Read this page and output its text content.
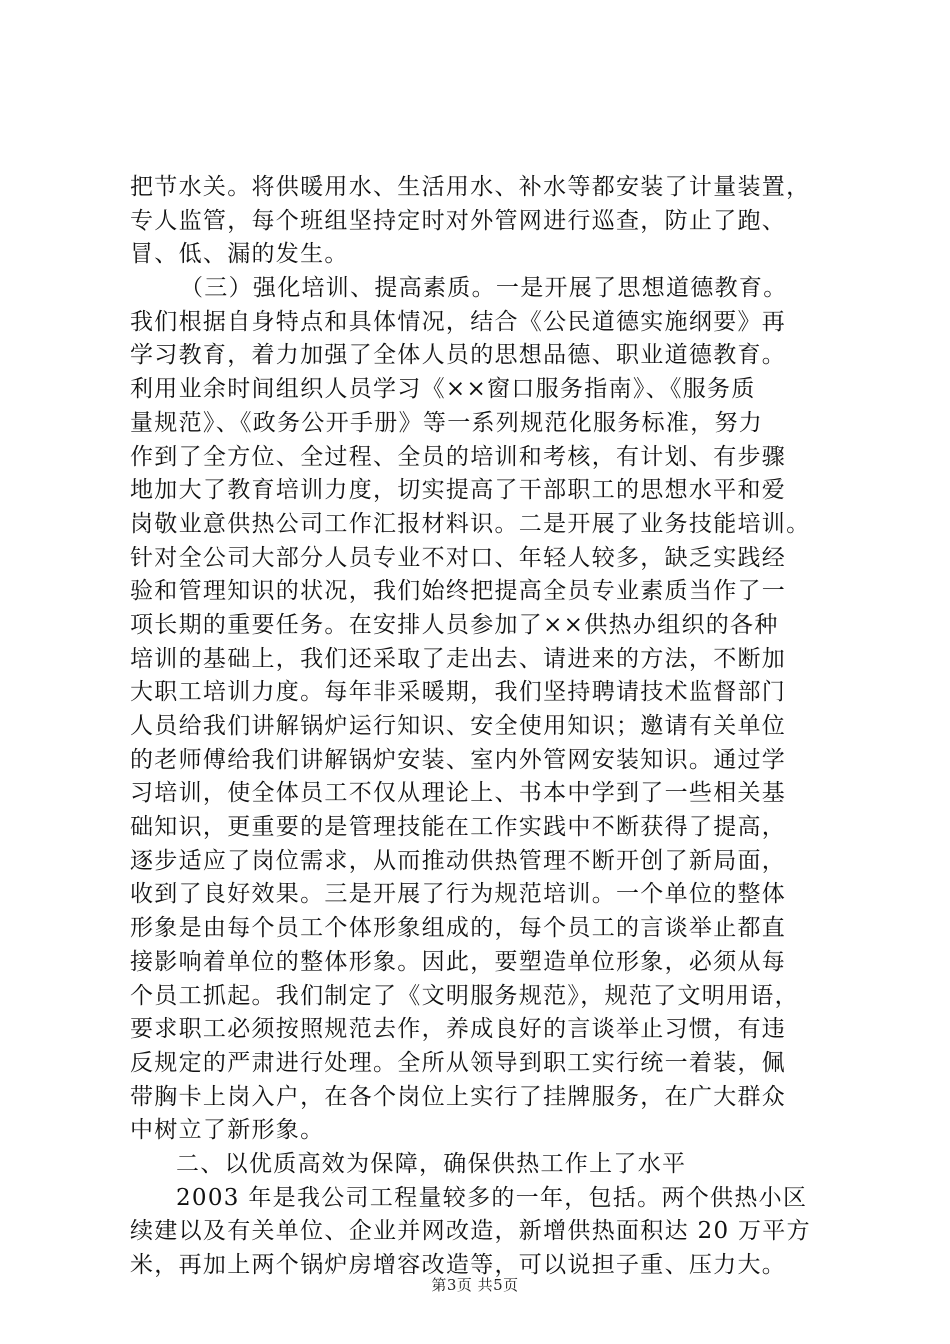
把节水关。将供暖用水、生活用水、补水等都安装了计量装置，
专人监管，每个班组坚持定时对外管网进行巡查，防止了跑、
冒、低、漏的发生。
（三）强化培训、提高素质。一是开展了思想道德教育。
我们根据自身特点和具体情况，结合《公民道德实施纲要》再
学习教育，着力加强了全体人员的思想品德、职业道德教育。
利用业余时间组织人员学习《××窗口服务指南》、《服务质
量规范》、《政务公开手册》等一系列规范化服务标准，努力
作到了全方位、全过程、全员的培训和考核，有计划、有步骤
地加大了教育培训力度，切实提高了干部职工的思想水平和爱
岗敬业意供热公司工作汇报材料识。二是开展了业务技能培训。
针对全公司大部分人员专业不对口、年轻人较多，缺乏实践经
验和管理知识的状况，我们始终把提高全员专业素质当作了一
项长期的重要任务。在安排人员参加了××供热办组织的各种
培训的基础上，我们还采取了走出去、请进来的方法，不断加
大职工培训力度。每年非采暖期，我们坚持聘请技术监督部门
人员给我们讲解锅炉运行知识、安全使用知识；邀请有关单位
的老师傅给我们讲解锅炉安装、室内外管网安装知识。通过学
习培训，使全体员工不仅从理论上、书本中学到了一些相关基
础知识，更重要的是管理技能在工作实践中不断获得了提高，
逐步适应了岗位需求，从而推动供热管理不断开创了新局面，
收到了良好效果。三是开展了行为规范培训。一个单位的整体
形象是由每个员工个体形象组成的，每个员工的言谈举止都直
接影响着单位的整体形象。因此，要塑造单位形象，必须从每
个员工抓起。我们制定了《文明服务规范》，规范了文明用语，
要求职工必须按照规范去作，养成良好的言谈举止习惯，有违
反规定的严肃进行处理。全所从领导到职工实行统一着装，佩
带胸卡上岗入户，在各个岗位上实行了挂牌服务，在广大群众
中树立了新形象。
二、以优质高效为保障，确保供热工作上了水平
2003 年是我公司工程量较多的一年，包括。两个供热小区
续建以及有关单位、企业并网改造，新增供热面积达 20 万平方
米，再加上两个锅炉房增容改造等，可以说担子重、压力大。
第3页 共5页
